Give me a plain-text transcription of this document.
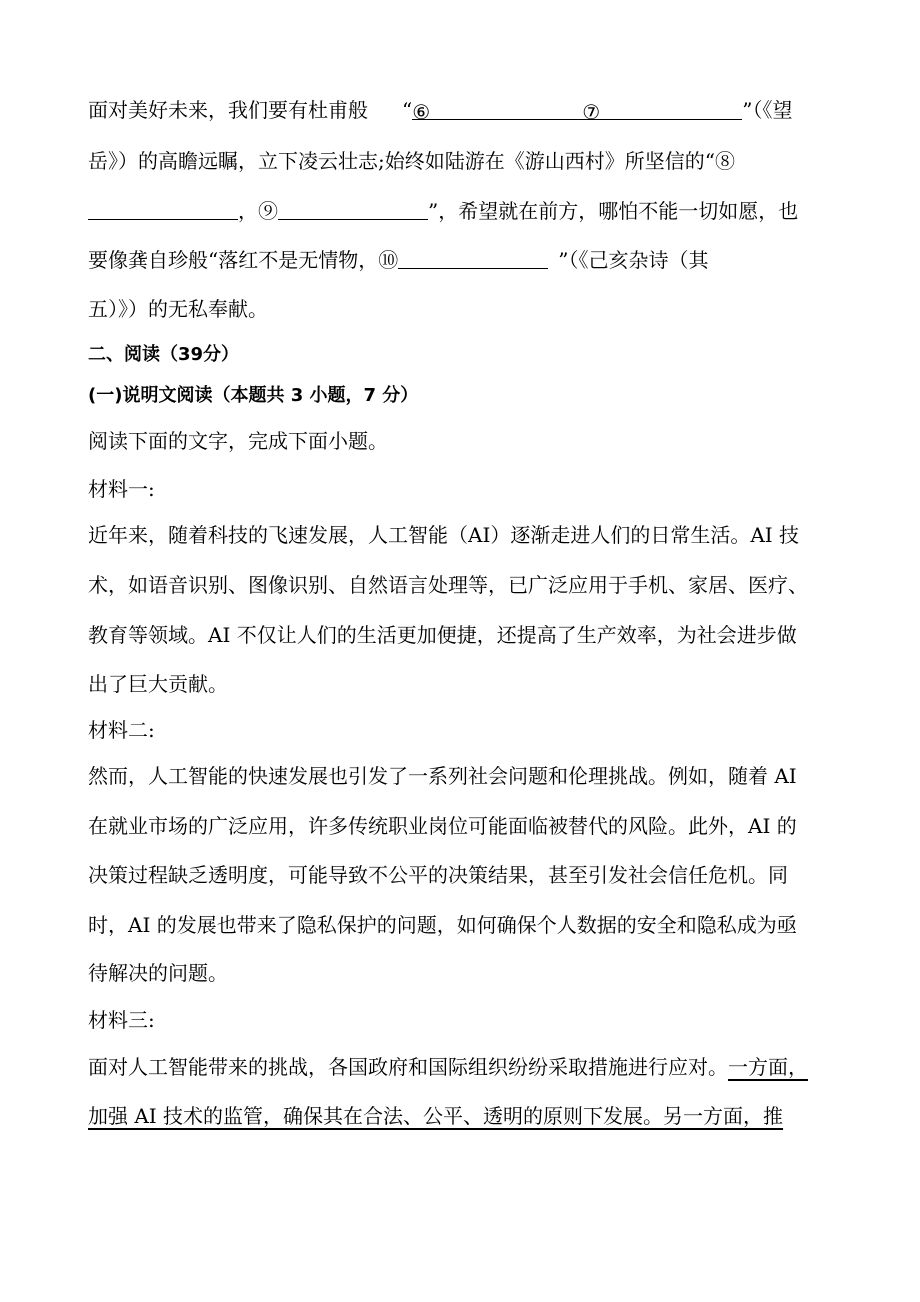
面对美好未来，我们要有杜甫般 “⑥	⑦	”（《望
岳》）的高瞻远瞩，立下凌云壮志;始终如陆游在《游山西村》所坚信的“⑧
，⑨	”，希望就在前方，哪怕不能一切如愿，也
要像龚自珍般“落红不是无情物，⑩	”（《己亥杂诗（其
五）》）的无私奉献。
二、阅读（39分）
(一)说明文阅读（本题共 3 小题，7 分）
阅读下面的文字，完成下面小题。
材料一:
近年来，随着科技的飞速发展，人工智能（AI）逐渐走进人们的日常生活。AI 技
术，如语音识别、图像识别、自然语言处理等，已广泛应用于手机、家居、医疗、
教育等领域。AI 不仅让人们的生活更加便捷，还提高了生产效率，为社会进步做
出了巨大贡献。
材料二:
然而，人工智能的快速发展也引发了一系列社会问题和伦理挑战。例如，随着 AI
在就业市场的广泛应用，许多传统职业岗位可能面临被替代的风险。此外，AI 的
决策过程缺乏透明度，可能导致不公平的决策结果，甚至引发社会信任危机。同
时，AI 的发展也带来了隐私保护的问题，如何确保个人数据的安全和隐私成为亟
待解决的问题。
材料三:
面对人工智能带来的挑战，各国政府和国际组织纷纷采取措施进行应对。一方面，
加强 AI 技术的监管，确保其在合法、公平、透明的原则下发展。另一方面，推
